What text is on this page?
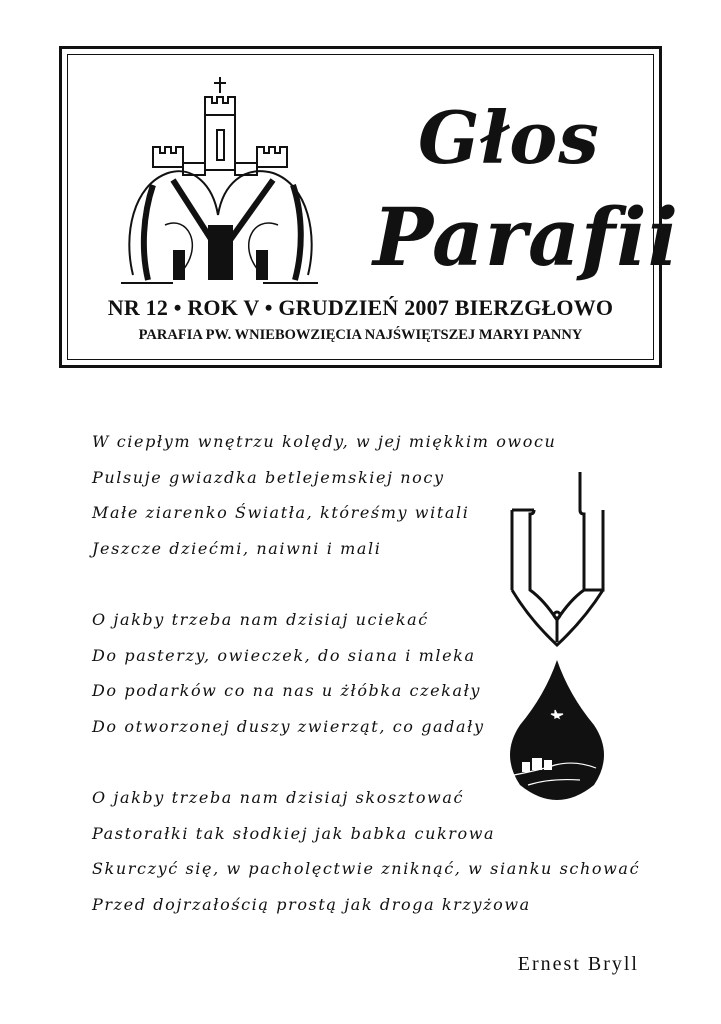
Głos
Parafii
NR 12 • ROK V • GRUDZIEŃ 2007 BIERZGŁOWO
PARAFIA PW. WNIEBOWZIĘCIA NAJŚWIĘTSZEJ MARYI PANNY
W ciepłym wnętrzu kolędy, w jej miękkim owocu
Pulsuje gwiazdka betlejemskiej nocy
Małe ziarenko Światła, któreśmy witali
Jeszcze dziećmi, naiwni i mali
O jakby trzeba nam dzisiaj uciekać
Do pasterzy, owieczek, do siana i mleka
Do podarków co na nas u żłóbka czekały
Do otworzonej duszy zwierząt, co gadały
O jakby trzeba nam dzisiaj skosztować
Pastorałki tak słodkiej jak babka cukrowa
Skurczyć się, w pacholęctwie zniknąć, w sianku schować
Przed dojrzałością prostą jak droga krzyżowa
Ernest Bryll
